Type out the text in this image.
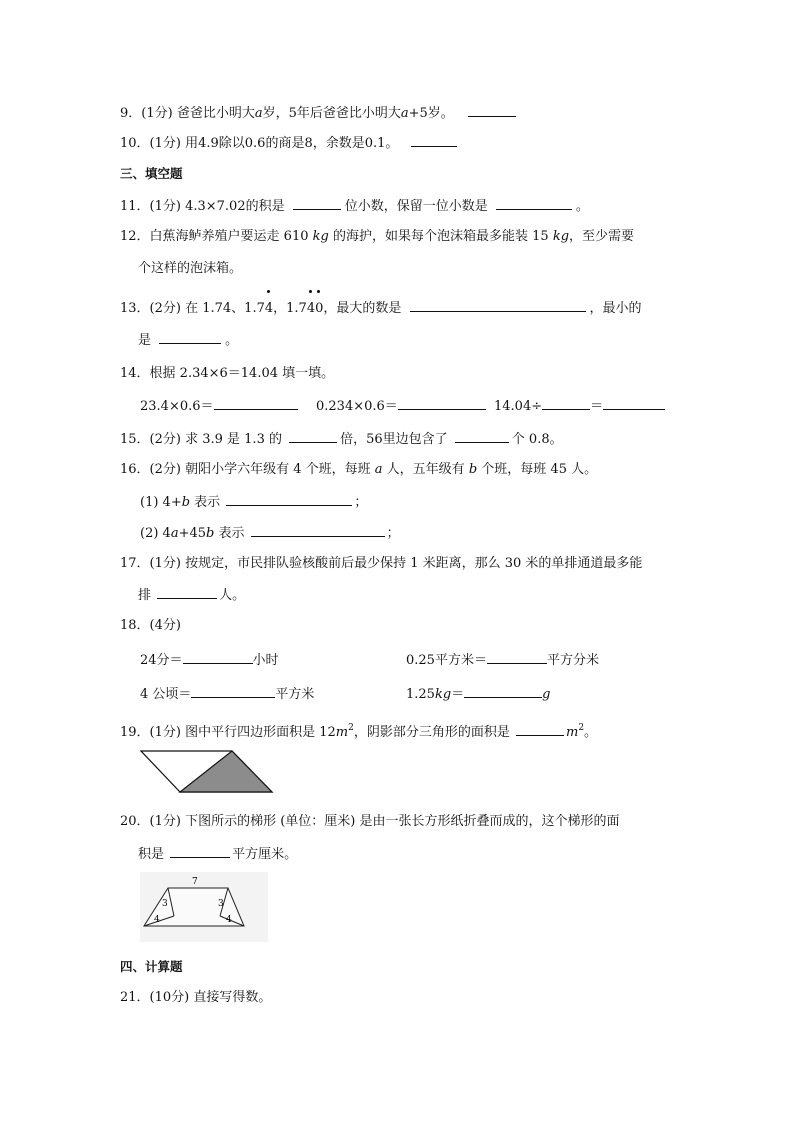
9．(1分) 爸爸比小明大a岁，5年后爸爸比小明大a+5岁。
10．(1分) 用4.9除以0.6的商是8，余数是0.1。
三、填空题
11．(1分) 4.3×7.02的积是	位小数，保留一位小数是	。
12．白蕉海鲈养殖户要运走 610 kg 的海护，如果每个泡沫箱最多能装 15 kg，至少需要
个这样的泡沫箱。
13．(2分) 在 1.74、1.74
，1.740
，最大的数是	，最小的
是	。
14．根据 2.34×6＝14.04 填一填。
23.4×0.6＝	0.234×0.6＝	14.04÷	＝
15．(2分) 求 3.9 是 1.3 的	倍，56里边包含了	个 0.8。
16．(2分) 朝阳小学六年级有 4 个班，每班 a 人，五年级有 b 个班，每班 45 人。
(1) 4+b 表示	；
(2) 4a+45b 表示	；
17．(1分) 按规定，市民排队验核酸前后最少保持 1 米距离，那么 30 米的单排通道最多能
排	人。
18．(4分)
24分＝	小时	0.25平方米＝	平方分米
4 公顷＝	平方米	1.25kg＝	g
19．(1分) 图中平行四边形面积是 $12m^2$，阴影部分三角形的面积是	$m^2$。
20．(1分) 下图所示的梯形 (单位：厘米) 是由一张长方形纸折叠而成的，这个梯形的面
积是	平方厘米。
7
3
4
3
4
四、计算题
21．(10分) 直接写得数。
